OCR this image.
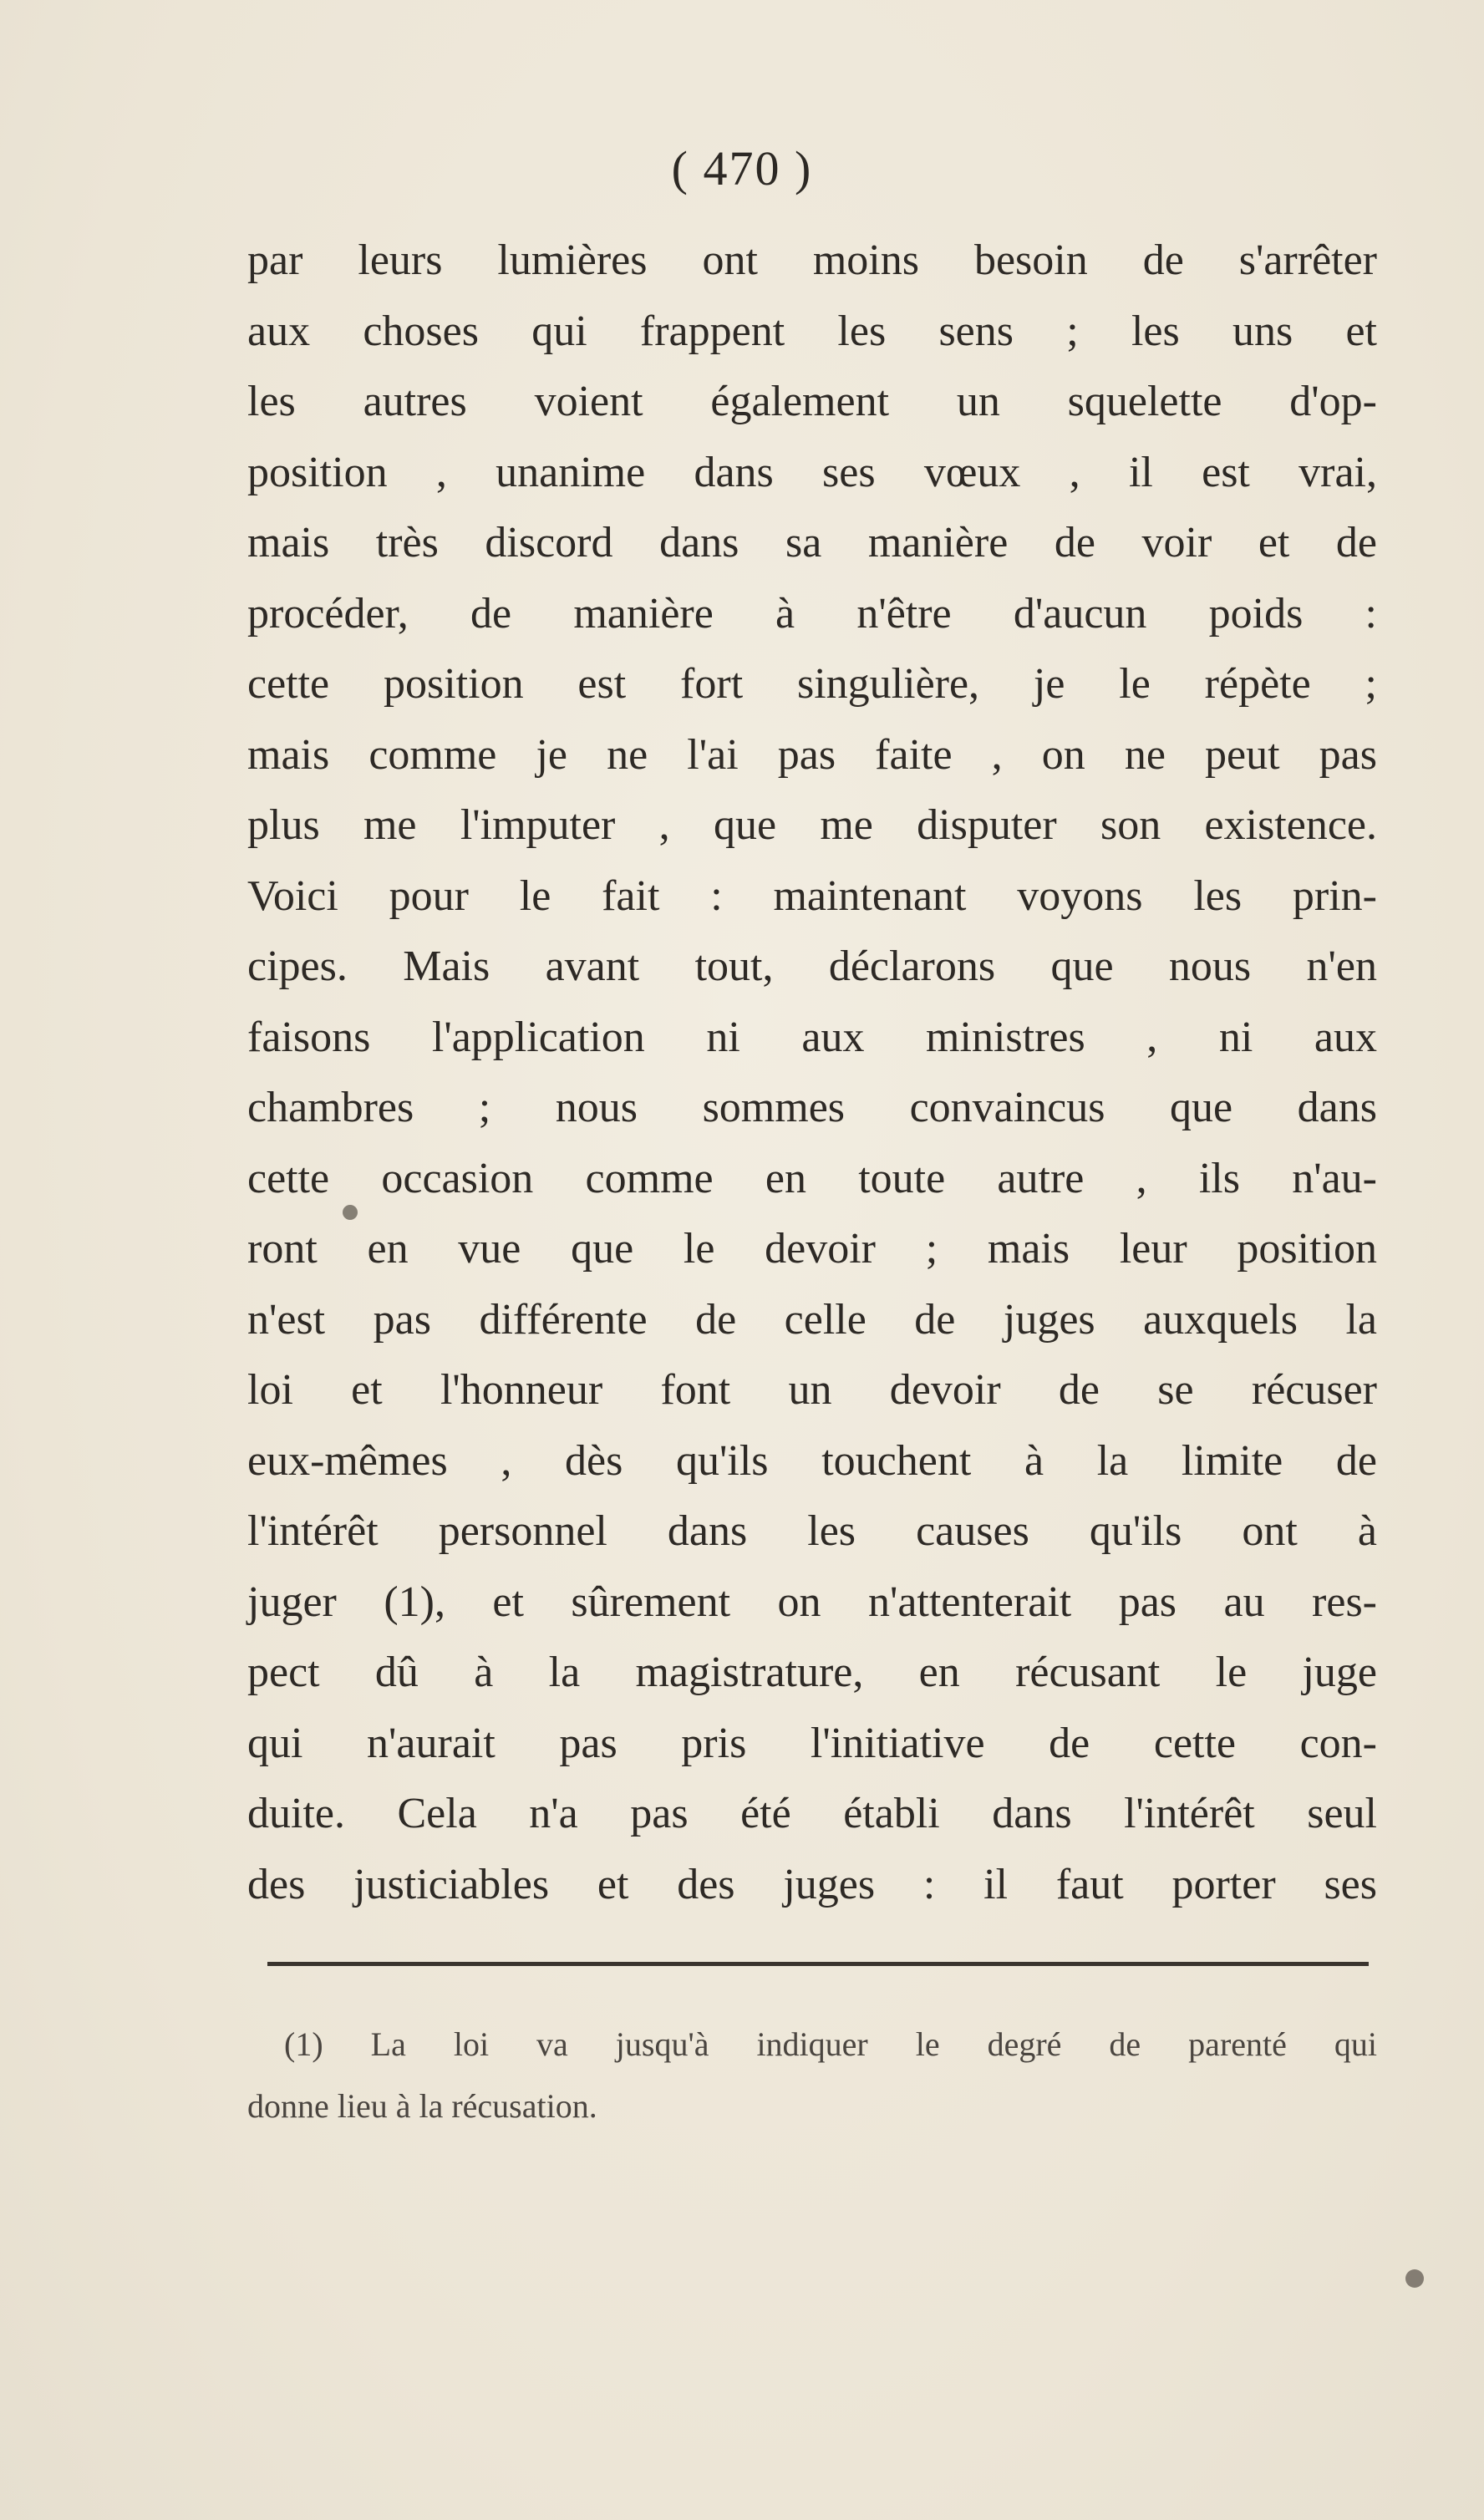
( 470 )
par leurs lumières ont moins besoin de s'arrêter
aux choses qui frappent les sens ; les uns et
les autres voient également un squelette d'op-
position , unanime dans ses vœux , il est vrai,
mais très discord dans sa manière de voir et de
procéder, de manière à n'être d'aucun poids :
cette position est fort singulière, je le répète ;
mais comme je ne l'ai pas faite , on ne peut pas
plus me l'imputer , que me disputer son existence.
Voici pour le fait : maintenant voyons les prin-
cipes. Mais avant tout, déclarons que nous n'en
faisons l'application ni aux ministres , ni aux
chambres ; nous sommes convaincus que dans
cette occasion comme en toute autre , ils n'au-
ront en vue que le devoir ; mais leur position
n'est pas différente de celle de juges auxquels la
loi et l'honneur font un devoir de se récuser
eux-mêmes , dès qu'ils touchent à la limite de
l'intérêt personnel dans les causes qu'ils ont à
juger (1), et sûrement on n'attenterait pas au res-
pect dû à la magistrature, en récusant le juge
qui n'aurait pas pris l'initiative de cette con-
duite. Cela n'a pas été établi dans l'intérêt seul
des justiciables et des juges : il faut porter ses
(1) La loi va jusqu'à indiquer le degré de parenté qui
donne lieu à la récusation.
